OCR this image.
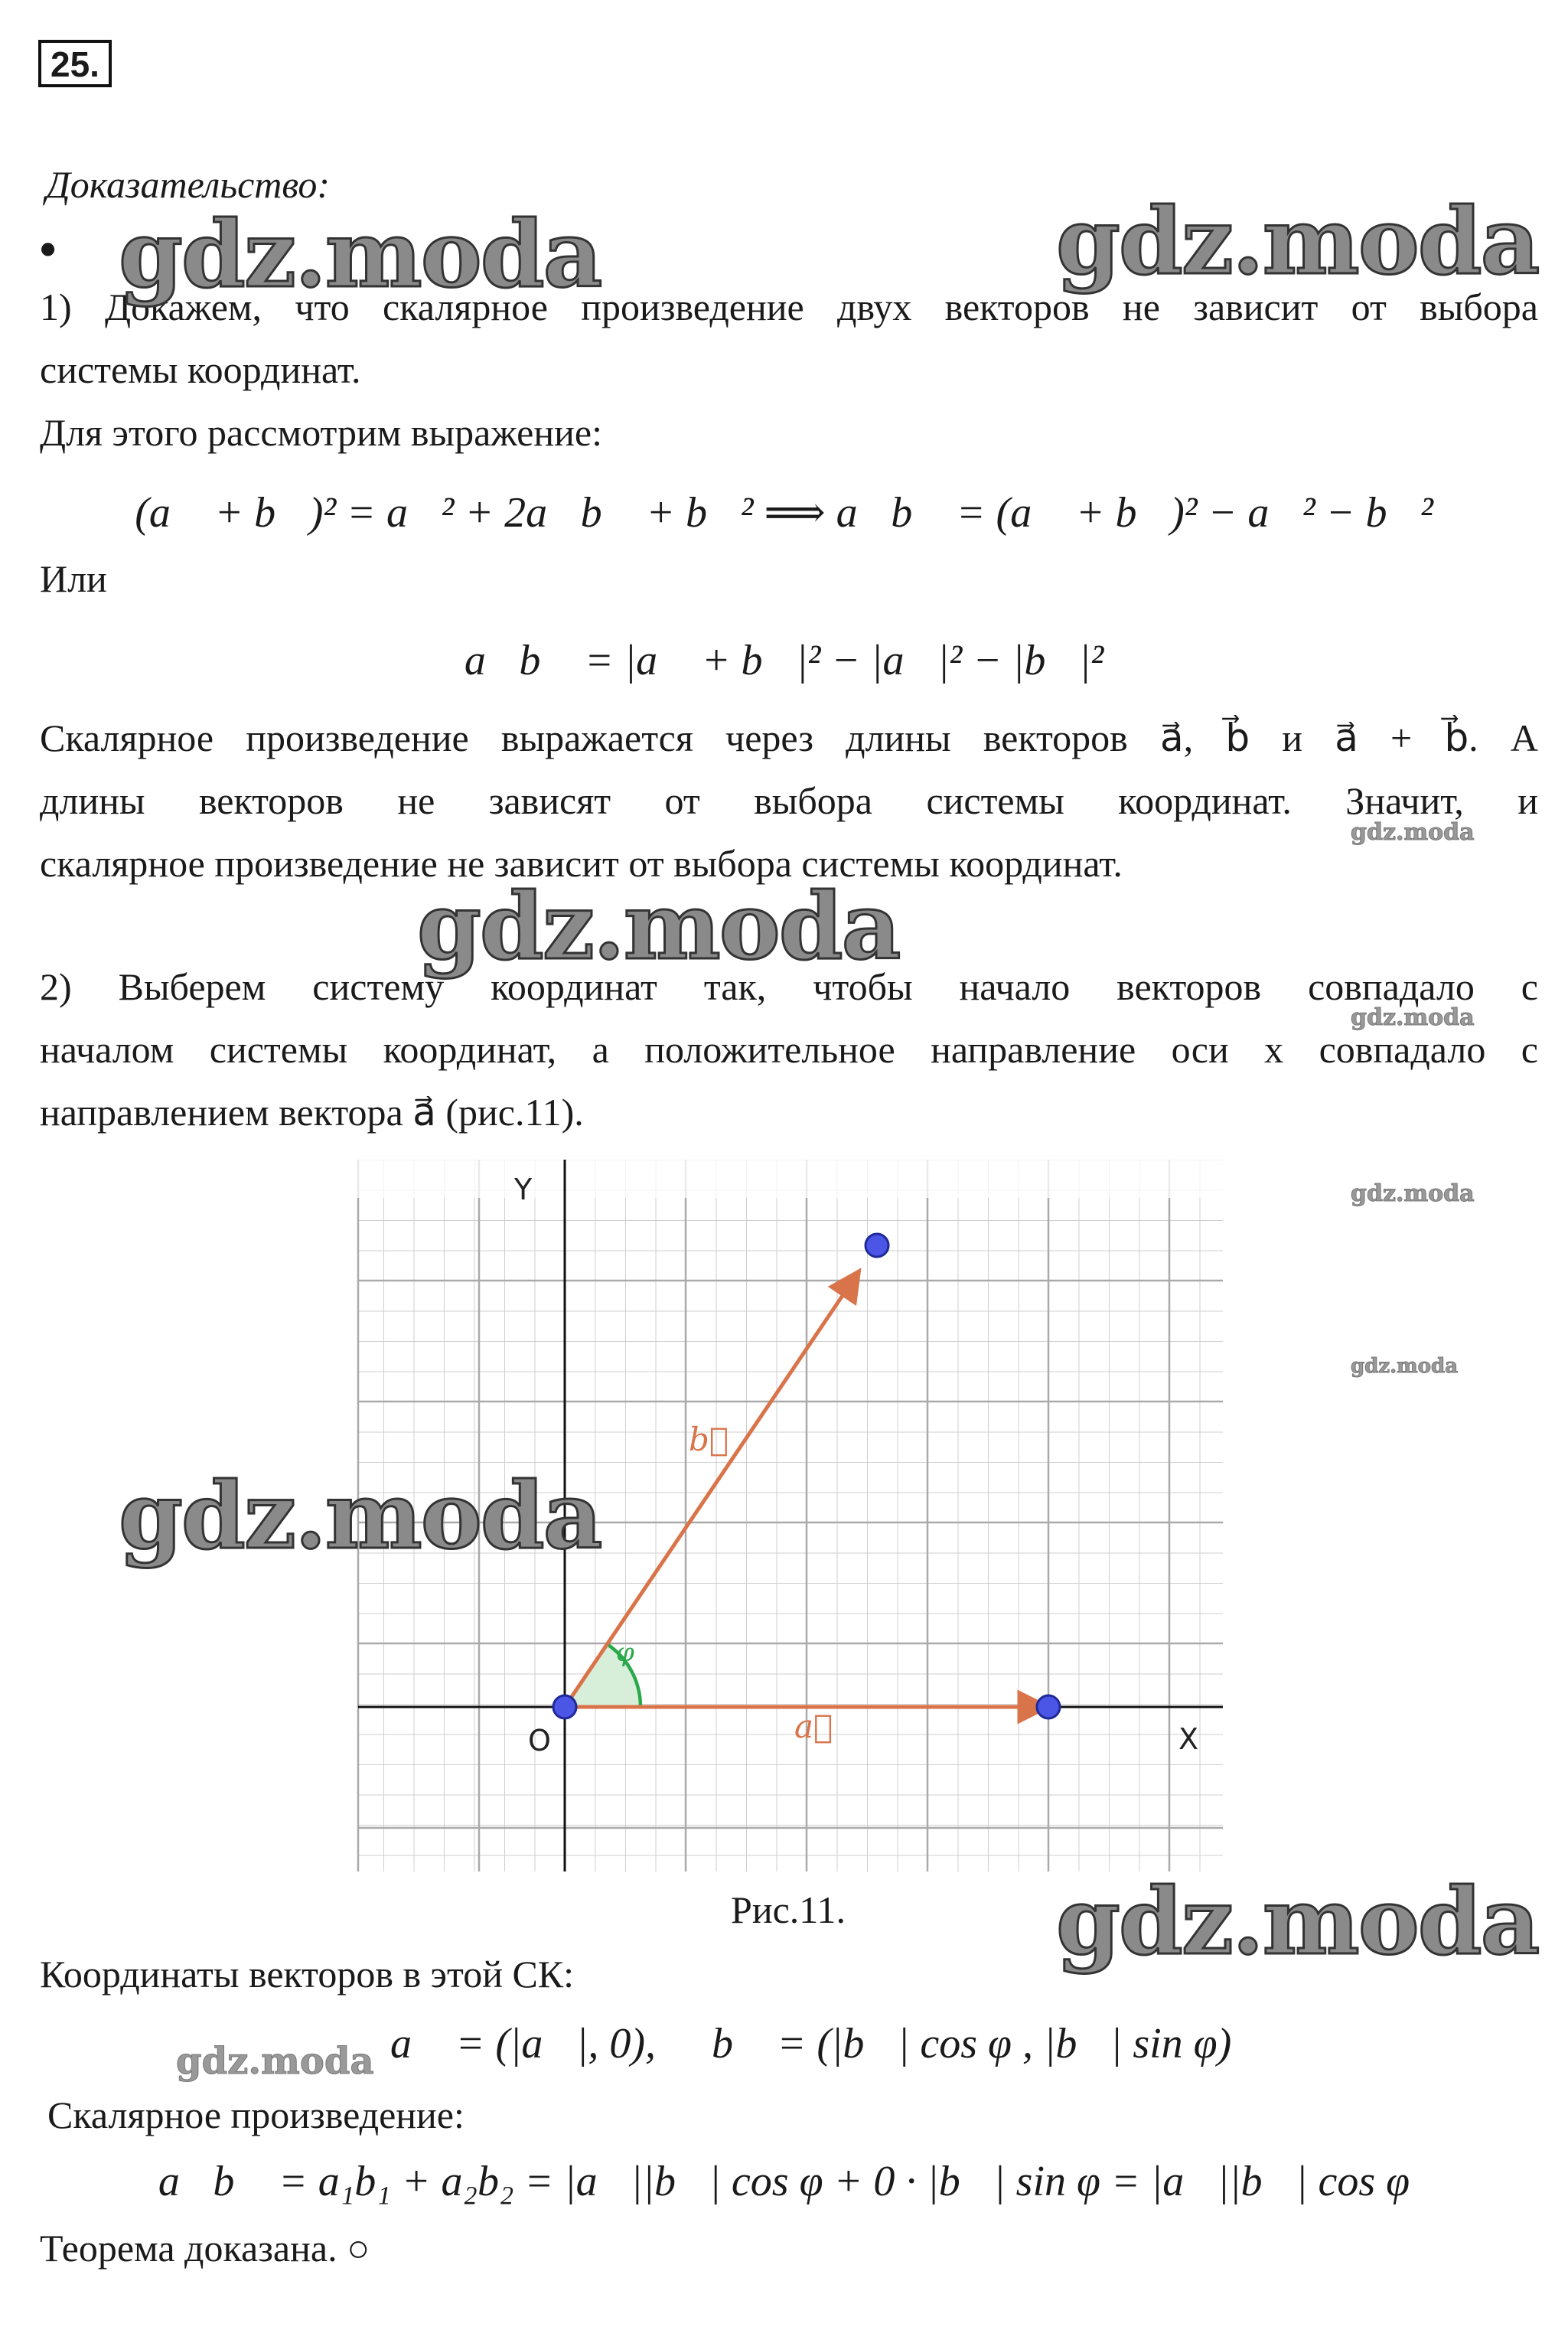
25.
Доказательство:
•
1) Докажем, что скалярное произведение двух векторов не зависит от выбора
системы координат.
Для этого рассмотрим выражение:
(a⃗ + b⃗)² = a⃗² + 2a⃗b⃗ + b⃗² ⟹ a⃗b⃗ = (a⃗ + b⃗)² − a⃗² − b⃗²
Или
a⃗b⃗ = |a⃗ + b⃗|² − |a⃗|² − |b⃗|²
Скалярное произведение выражается через длины векторов a⃗, b⃗ и a⃗ + b⃗. А
длины векторов не зависят от выбора системы координат. Значит, и
скалярное произведение не зависит от выбора системы координат.
2) Выберем систему координат так, чтобы начало векторов совпадало с
началом системы координат, а положительное направление оси x совпадало с
направлением вектора a⃗ (рис.11).
Y
X
O	a⃗
b⃗
φ
Рис.11.
Координаты векторов в этой СК:
a⃗ = (|a⃗|, 0), b⃗ = (|b⃗| cos φ , |b⃗| sin φ)
Скалярное произведение:
a⃗b⃗ = a₁b₁ + a₂b₂ = |a⃗||b⃗| cos φ + 0 · |b⃗| sin φ = |a⃗||b⃗| cos φ
Теорема доказана. ○
gdz.moda	gdz.moda
gdz.moda
gdz.moda
gdz.moda
gdz.moda
gdz.moda
gdz.moda
gdz.moda
gdz.moda
